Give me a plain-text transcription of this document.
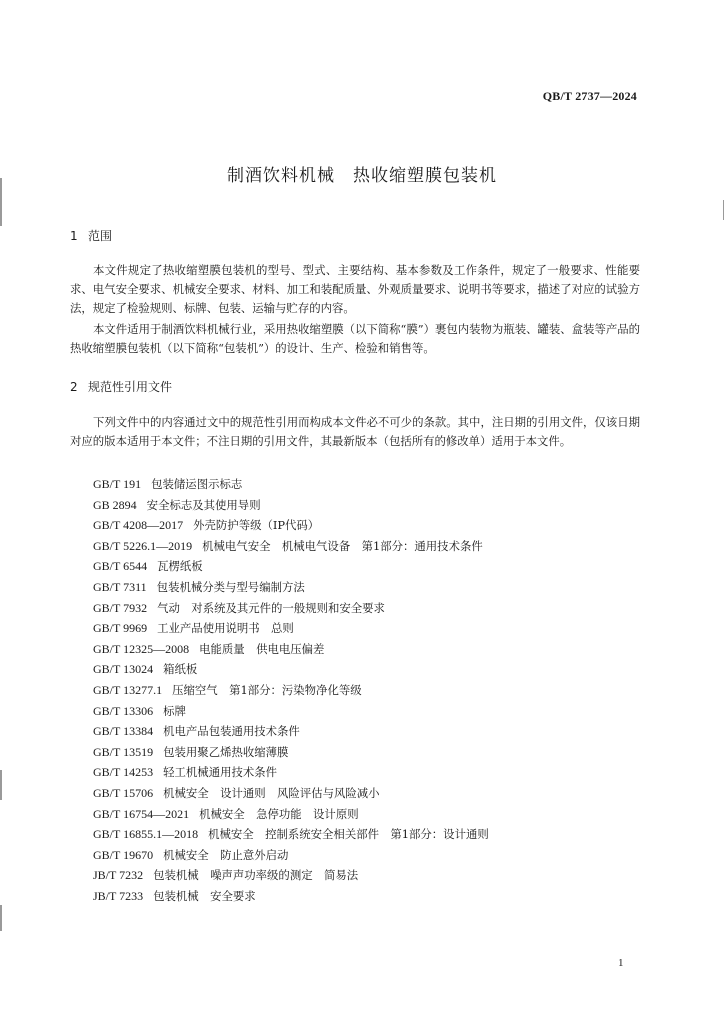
QB/T 2737—2024
制酒饮料机械　热收缩塑膜包装机
1 范围

本文件规定了热收缩塑膜包装机的型号、型式、主要结构、基本参数及工作条件，规定了一般要求、性能要求、电气安全要求、机械安全要求、材料、加工和装配质量、外观质量要求、说明书等要求，描述了对应的试验方法，规定了检验规则、标牌、包装、运输与贮存的内容。

本文件适用于制酒饮料机械行业，采用热收缩塑膜（以下简称“膜”）裹包内装物为瓶装、罐装、盒装等产品的热收缩塑膜包装机（以下简称“包装机”）的设计、生产、检验和销售等。

2 规范性引用文件

下列文件中的内容通过文中的规范性引用而构成本文件必不可少的条款。其中，注日期的引用文件，仅该日期对应的版本适用于本文件；不注日期的引用文件，其最新版本（包括所有的修改单）适用于本文件。

GB/T 191 包装储运图示标志
GB 2894 安全标志及其使用导则
GB/T 4208—2017 外壳防护等级（IP代码）
GB/T 5226.1—2019 机械电气安全　机械电气设备　第1部分：通用技术条件
GB/T 6544 瓦楞纸板
GB/T 7311 包装机械分类与型号编制方法
GB/T 7932 气动　对系统及其元件的一般规则和安全要求
GB/T 9969 工业产品使用说明书　总则
GB/T 12325—2008 电能质量　供电电压偏差
GB/T 13024 箱纸板
GB/T 13277.1 压缩空气　第1部分：污染物净化等级
GB/T 13306 标牌
GB/T 13384 机电产品包装通用技术条件
GB/T 13519 包装用聚乙烯热收缩薄膜
GB/T 14253 轻工机械通用技术条件
GB/T 15706 机械安全　设计通则　风险评估与风险减小
GB/T 16754—2021 机械安全　急停功能　设计原则
GB/T 16855.1—2018 机械安全　控制系统安全相关部件　第1部分：设计通则
GB/T 19670 机械安全　防止意外启动
JB/T 7232 包装机械　噪声声功率级的测定　简易法
JB/T 7233 包装机械　安全要求
1
